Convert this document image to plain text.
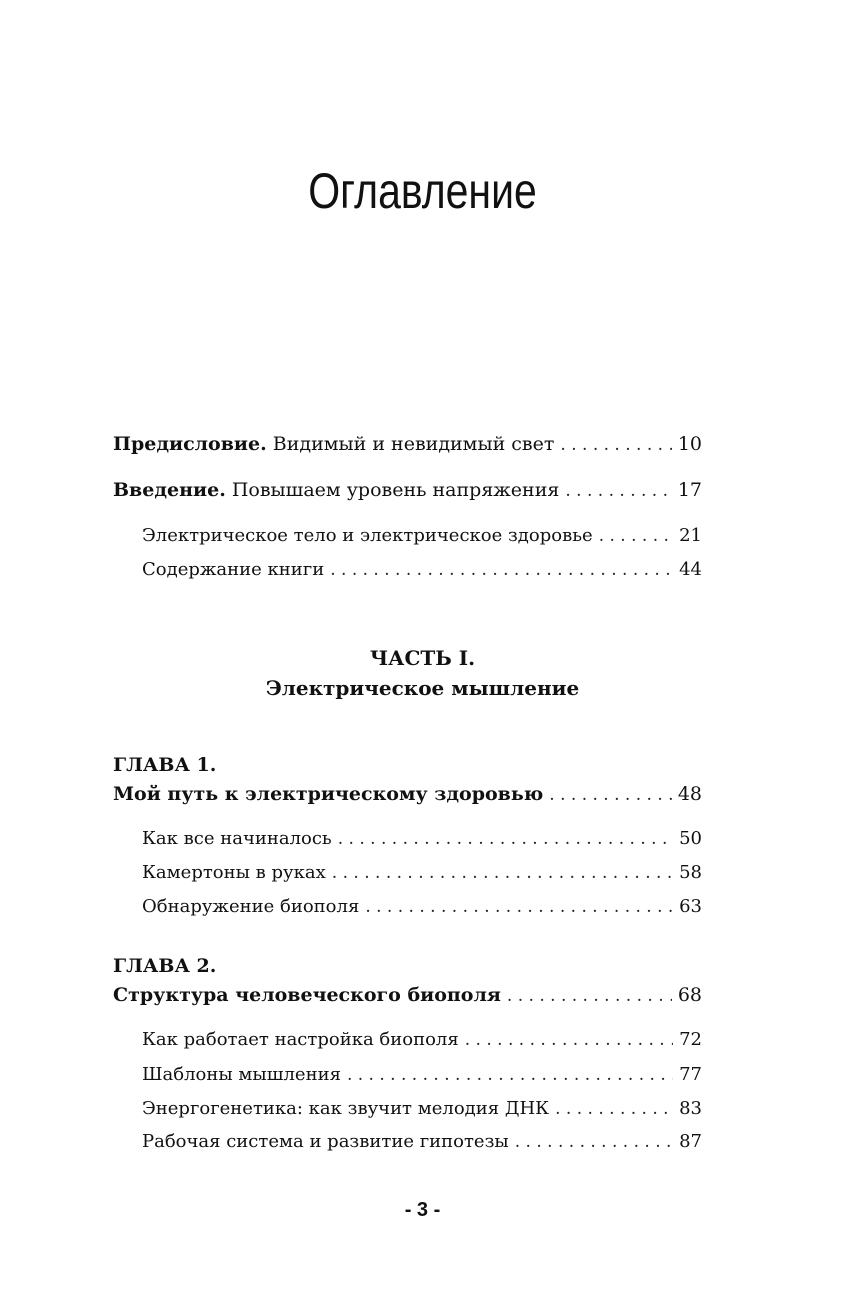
Оглавление
Предисловие. Видимый и невидимый свет . . .	10
Введение. Повышаем уровень напряжения . . .	17
Электрическое тело и электрическое здоровье . . .	21
Содержание книги . . .	44
ЧАСТЬ I.
Электрическое мышление
ГЛАВА 1.
Мой путь к электрическому здоровью . . .	48
Как все начиналось . . .	50
Камертоны в руках . . .	58
Обнаружение биополя . . .	63
ГЛАВА 2.
Структура человеческого биополя . . .	68
Как работает настройка биополя . . .	72
Шаблоны мышления . . .	77
Энергогенетика: как звучит мелодия ДНК . . .	83
Рабочая система и развитие гипотезы . . .	87
- 3 -
